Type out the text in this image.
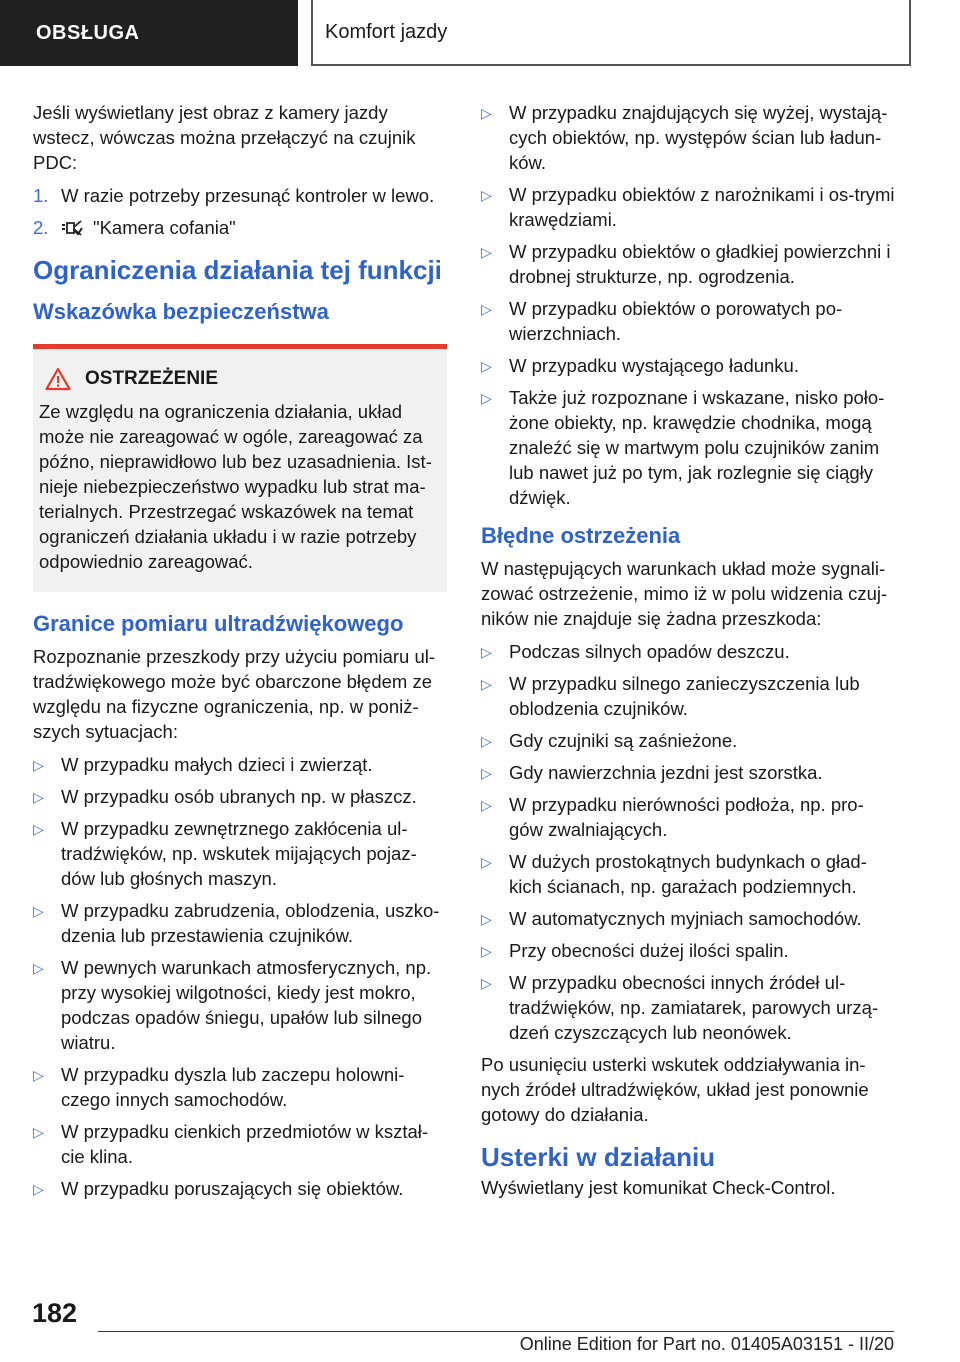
OBSŁUGA	Komfort jazdy

Jeśli wyświetlany jest obraz z kamery jazdy wstecz, wówczas można przełączyć na czujnik PDC:

1. W razie potrzeby przesunąć kontroler w lewo.
2. "Kamera cofania"
Ograniczenia działania tej funkcji
Wskazówka bezpieczeństwa
OSTRZEŻENIE

Ze względu na ograniczenia działania, układ może nie zareagować w ogóle, zareagować za późno, nieprawidłowo lub bez uzasadnienia. Ist-nieje niebezpieczeństwo wypadku lub strat ma-terialnych. Przestrzegać wskazówek na temat ograniczeń działania układu i w razie potrzeby odpowiednio zareagować.

Granice pomiaru ultradźwiękowego

Rozpoznanie przeszkody przy użyciu pomiaru ul-tradźwiękowego może być obarczone błędem ze względu na fizyczne ograniczenia, np. w poniż-szych sytuacjach:

▷ W przypadku małych dzieci i zwierząt.
▷ W przypadku osób ubranych np. w płaszcz.
▷ W przypadku zewnętrznego zakłócenia ul-tradźwięków, np. wskutek mijających pojaz-dów lub głośnych maszyn.
▷ W przypadku zabrudzenia, oblodzenia, uszko-dzenia lub przestawienia czujników.
▷ W pewnych warunkach atmosferycznych, np. przy wysokiej wilgotności, kiedy jest mokro, podczas opadów śniegu, upałów lub silnego wiatru.
▷ W przypadku dyszla lub zaczepu holowni-czego innych samochodów.
▷ W przypadku cienkich przedmiotów w kształ-cie klina.
▷ W przypadku poruszających się obiektów.
▷ W przypadku znajdujących się wyżej, wystają-cych obiektów, np. występów ścian lub ładun-ków.
▷ W przypadku obiektów z narożnikami i os-trymi krawędziami.
▷ W przypadku obiektów o gładkiej powierzchni i drobnej strukturze, np. ogrodzenia.
▷ W przypadku obiektów o porowatych po-wierzchniach.
▷ W przypadku wystającego ładunku.
▷ Także już rozpoznane i wskazane, nisko poło-żone obiekty, np. krawędzie chodnika, mogą znaleźć się w martwym polu czujników zanim lub nawet już po tym, jak rozlegnie się ciągły dźwięk.
Błędne ostrzeżenia

W następujących warunkach układ może sygnali-zować ostrzeżenie, mimo iż w polu widzenia czuj-ników nie znajduje się żadna przeszkoda:

▷ Podczas silnych opadów deszczu.
▷ W przypadku silnego zanieczyszczenia lub oblodzenia czujników.
▷ Gdy czujniki są zaśnieżone.
▷ Gdy nawierzchnia jezdni jest szorstka.
▷ W przypadku nierówności podłoża, np. pro-gów zwalniających.
▷ W dużych prostokątnych budynkach o gład-kich ścianach, np. garażach podziemnych.
▷ W automatycznych myjniach samochodów.
▷ Przy obecności dużej ilości spalin.
▷ W przypadku obecności innych źródeł ul-tradźwięków, np. zamiatarek, parowych urzą-dzeń czyszczących lub neonówek.

Po usunięciu usterki wskutek oddziaływania in-nych źródeł ultradźwięków, układ jest ponownie gotowy do działania.

Usterki w działaniu

Wyświetlany jest komunikat Check-Control.

182
Online Edition for Part no. 01405A03151 - II/20
